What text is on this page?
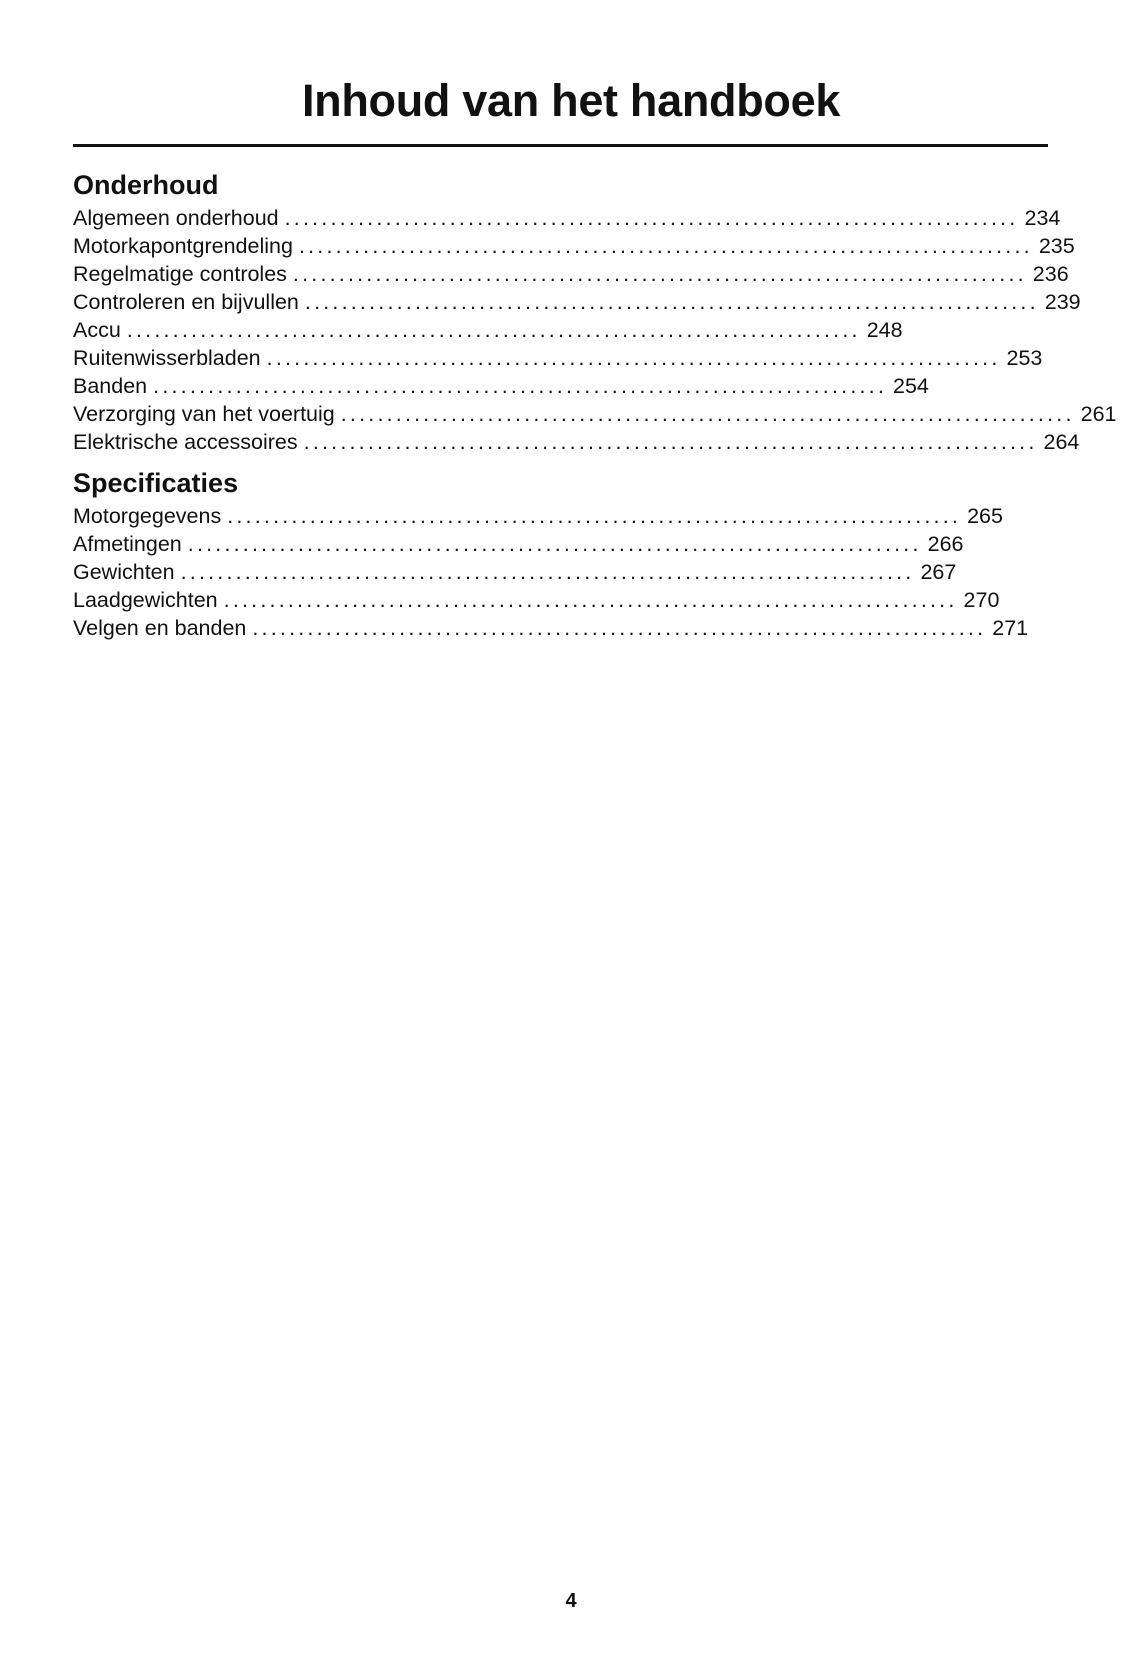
Inhoud van het handboek
Onderhoud
Algemeen onderhoud ................................................................................ 234
Motorkapontgrendeling ................................................................................ 235
Regelmatige controles ................................................................................ 236
Controleren en bijvullen ................................................................................ 239
Accu ................................................................................ 248
Ruitenwisserbladen ................................................................................ 253
Banden ................................................................................ 254
Verzorging van het voertuig ................................................................................ 261
Elektrische accessoires ................................................................................ 264
Specificaties
Motorgegevens ................................................................................ 265
Afmetingen ................................................................................ 266
Gewichten ................................................................................ 267
Laadgewichten ................................................................................ 270
Velgen en banden ................................................................................ 271
4
